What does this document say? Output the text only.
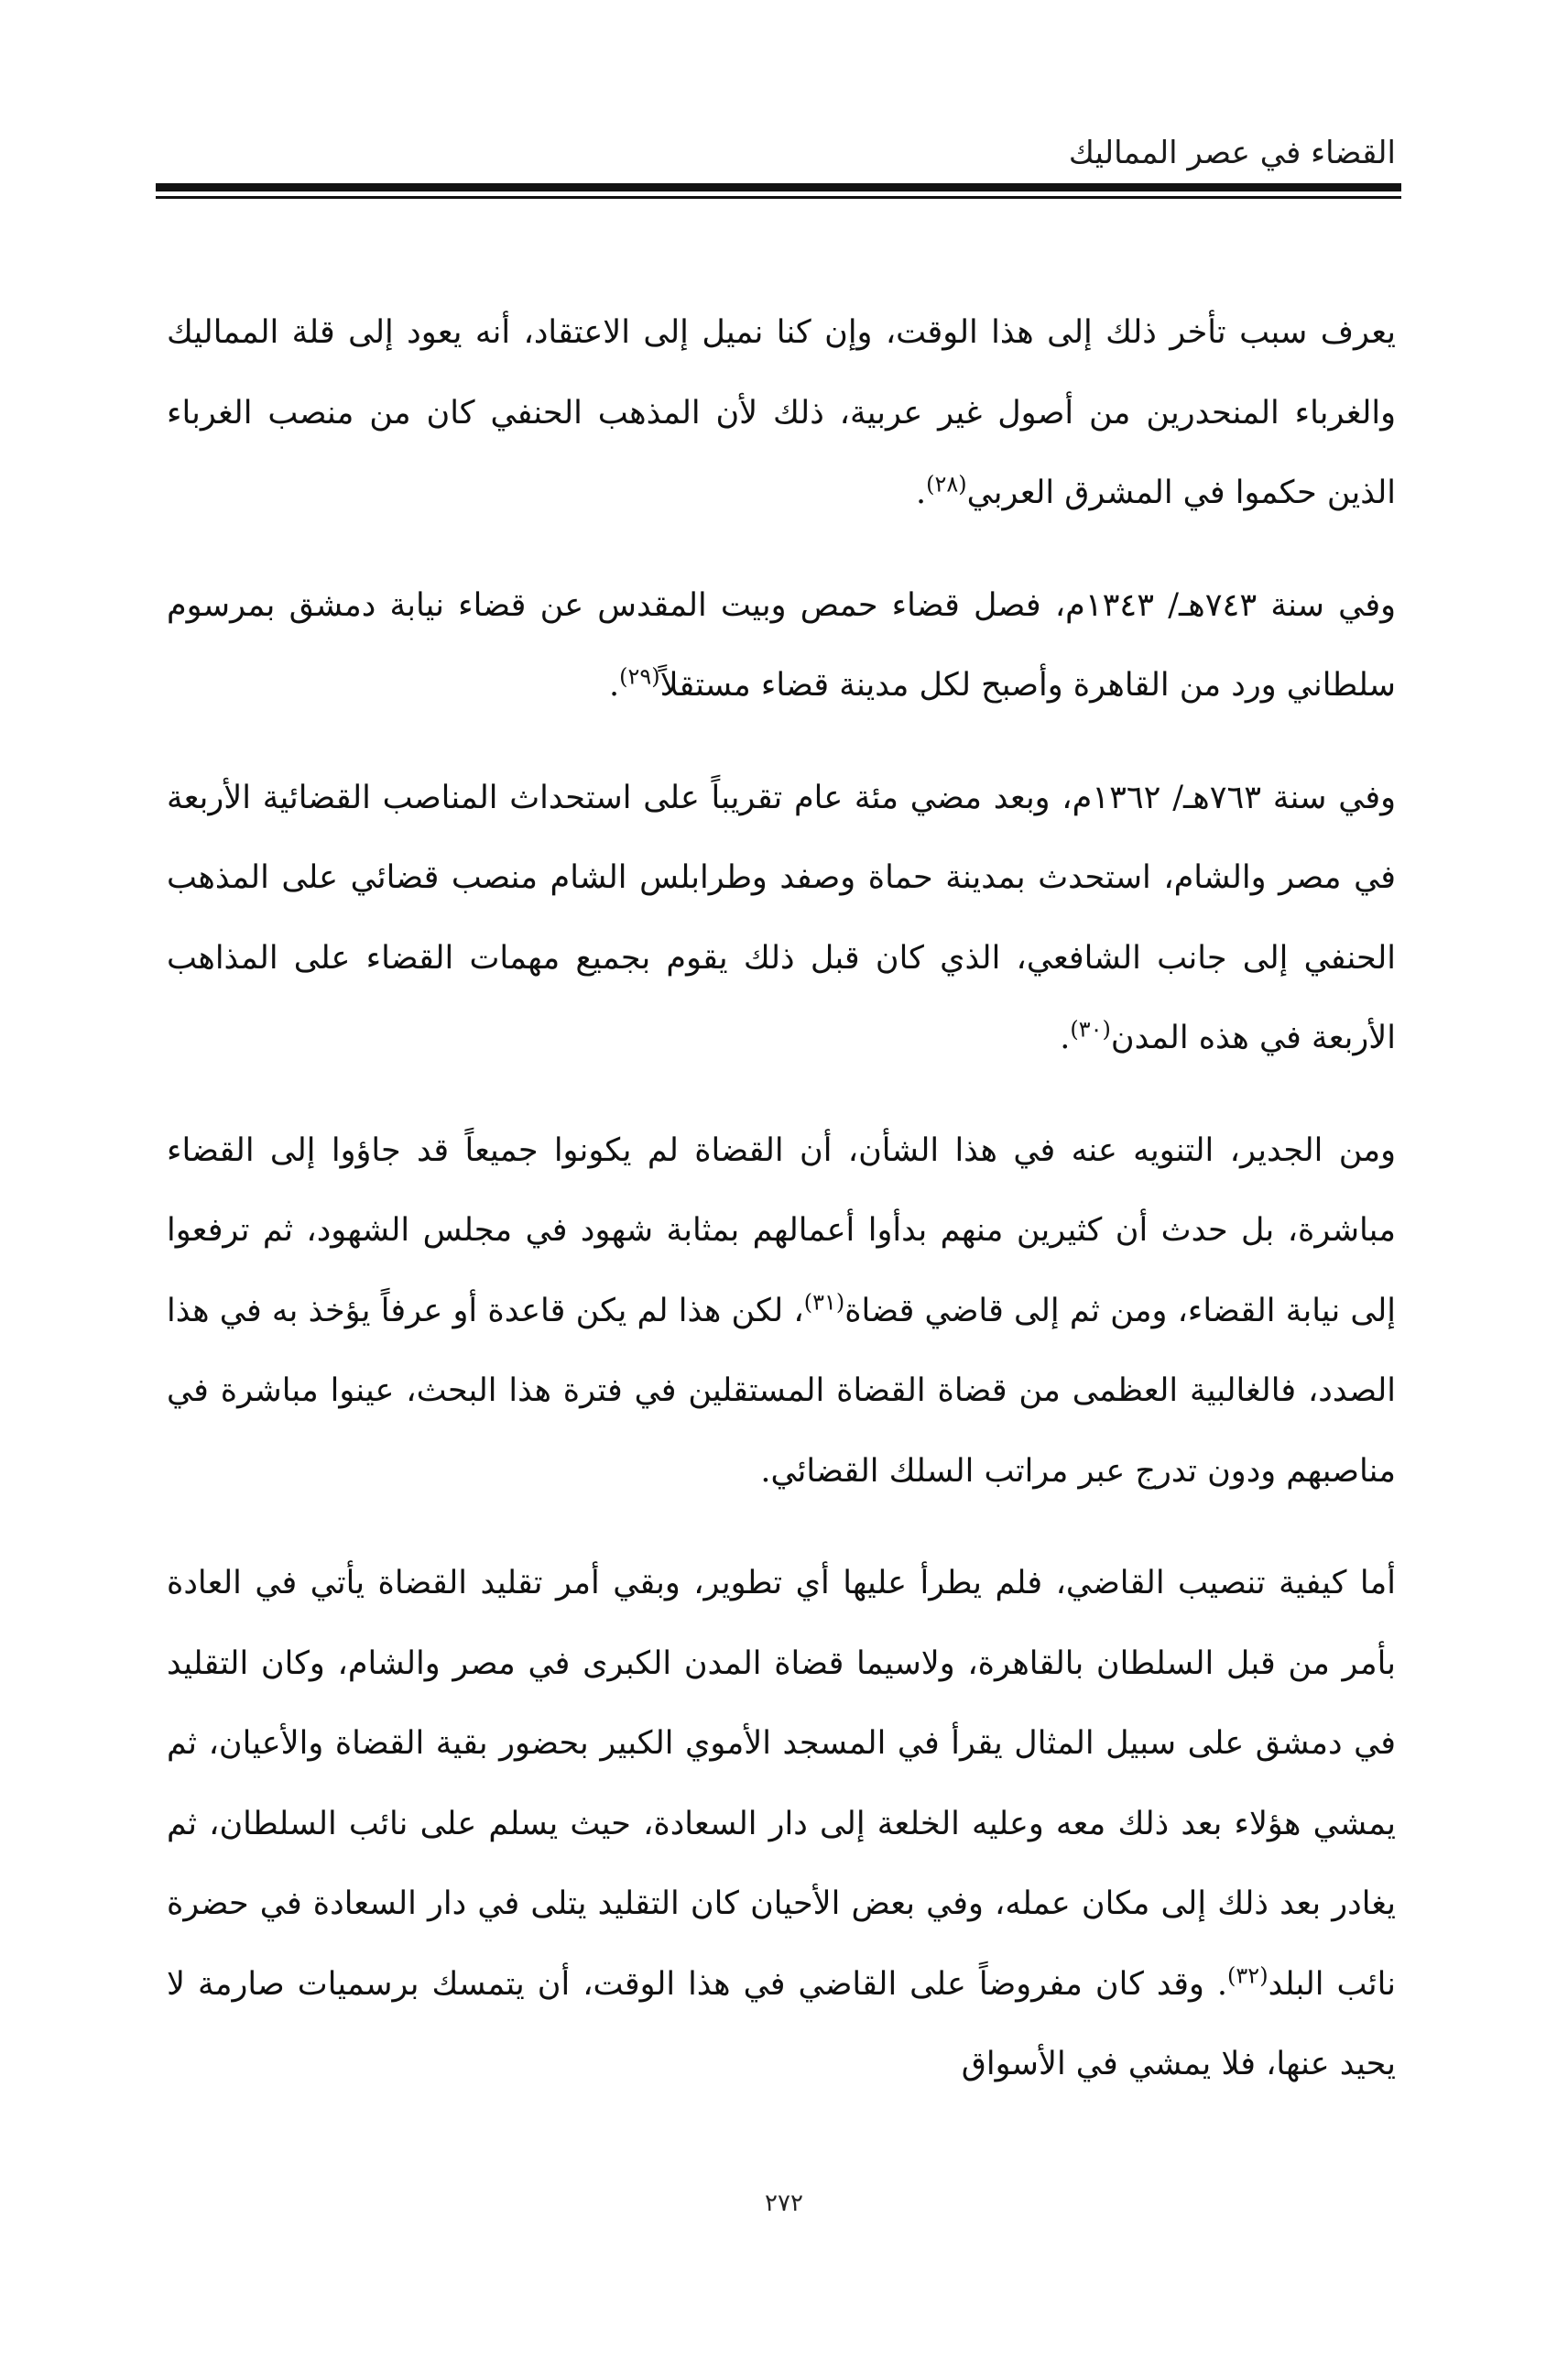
القضاء في عصر المماليك

يعرف سبب تأخر ذلك إلى هذا الوقت، وإن كنا نميل إلى الاعتقاد، أنه يعود إلى قلة المماليك والغرباء المنحدرين من أصول غير عربية، ذلك لأن المذهب الحنفي كان من منصب الغرباء الذين حكموا في المشرق العربي$^{(٢٨)}$.

وفي سنة ٧٤٣هـ/ ١٣٤٣م، فصل قضاء حمص وبيت المقدس عن قضاء نيابة دمشق بمرسوم سلطاني ورد من القاهرة وأصبح لكل مدينة قضاء مستقلاً$^{(٢٩)}$.

وفي سنة ٧٦٣هـ/ ١٣٦٢م، وبعد مضي مئة عام تقريباً على استحداث المناصب القضائية الأربعة في مصر والشام، استحدث بمدينة حماة وصفد وطرابلس الشام منصب قضائي على المذهب الحنفي إلى جانب الشافعي، الذي كان قبل ذلك يقوم بجميع مهمات القضاء على المذاهب الأربعة في هذه المدن$^{(٣٠)}$.

ومن الجدير، التنويه عنه في هذا الشأن، أن القضاة لم يكونوا جميعاً قد جاؤوا إلى القضاء مباشرة، بل حدث أن كثيرين منهم بدأوا أعمالهم بمثابة شهود في مجلس الشهود، ثم ترفعوا إلى نيابة القضاء، ومن ثم إلى قاضي قضاة$^{(٣١)}$، لكن هذا لم يكن قاعدة أو عرفاً يؤخذ به في هذا الصدد، فالغالبية العظمى من قضاة القضاة المستقلين في فترة هذا البحث، عينوا مباشرة في مناصبهم ودون تدرج عبر مراتب السلك القضائي.

أما كيفية تنصيب القاضي، فلم يطرأ عليها أي تطوير، وبقي أمر تقليد القضاة يأتي في العادة بأمر من قبل السلطان بالقاهرة، ولاسيما قضاة المدن الكبرى في مصر والشام، وكان التقليد في دمشق على سبيل المثال يقرأ في المسجد الأموي الكبير بحضور بقية القضاة والأعيان، ثم يمشي هؤلاء بعد ذلك معه وعليه الخلعة إلى دار السعادة، حيث يسلم على نائب السلطان، ثم يغادر بعد ذلك إلى مكان عمله، وفي بعض الأحيان كان التقليد يتلى في دار السعادة في حضرة نائب البلد$^{(٣٢)}$. وقد كان مفروضاً على القاضي في هذا الوقت، أن يتمسك برسميات صارمة لا يحيد عنها، فلا يمشي في الأسواق

٢٧٢
